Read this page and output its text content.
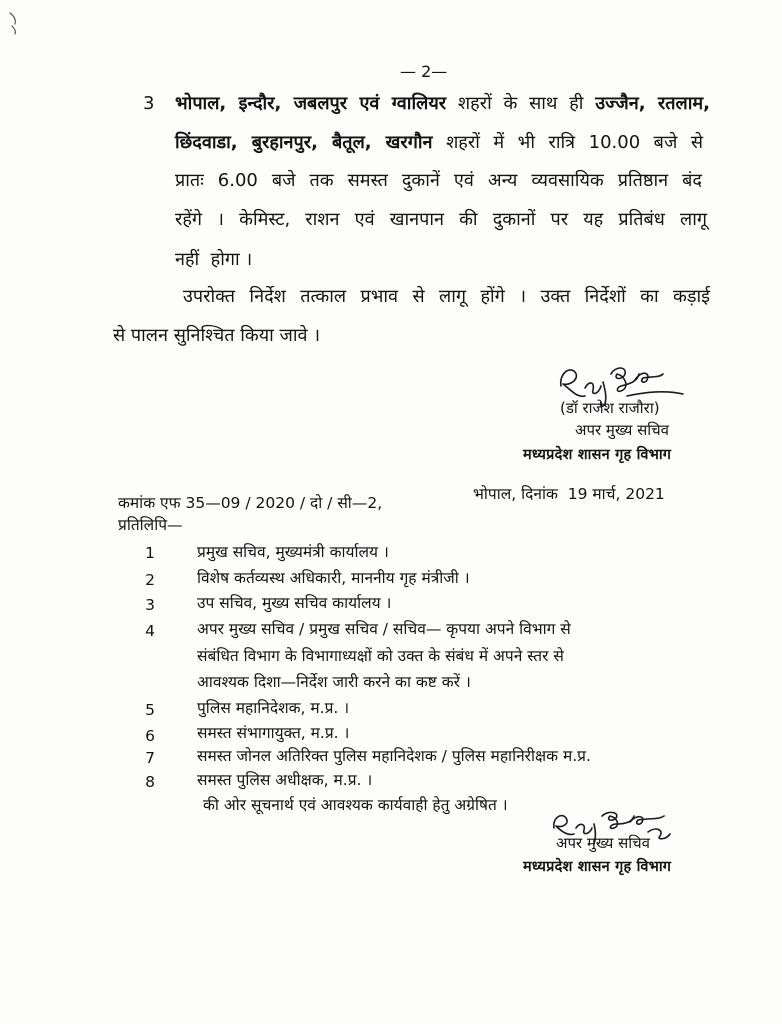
— 2—
3 भोपाल, इन्दौर, जबलपुर एवं ग्वालियर शहरों के साथ ही उज्जैन, रतलाम,
छिंदवाडा, बुरहानपुर, बैतूल, खरगौन शहरों में भी रात्रि 10.00 बजे से
प्रातः 6.00 बजे तक समस्त दुकानें एवं अन्य व्यवसायिक प्रतिष्ठान बंद
रहेंगे । केमिस्ट, राशन एवं खानपान की दुकानों पर यह प्रतिबंध लागू
नहीं  होगा ।
उपरोक्त निर्देश तत्काल प्रभाव से लागू होंगे । उक्त निर्देशों का कड़ाई
से पालन सुनिश्चित किया जावे ।
(डॉ राजेश राजौरा)
अपर मुख्य सचिव
मध्यप्रदेश शासन गृह विभाग
कमांक एफ 35—09 / 2020 / दो / सी—2,	भोपाल, दिनांक  19 मार्च, 2021
प्रतिलिपि—
1	प्रमुख सचिव, मुख्यमंत्री कार्यालय ।
2	विशेष कर्तव्यस्थ अधिकारी, माननीय गृह मंत्रीजी ।
3	उप सचिव, मुख्य सचिव कार्यालय ।
4	अपर मुख्य सचिव / प्रमुख सचिव / सचिव— कृपया अपने विभाग से
संबंधित विभाग के विभागाध्यक्षों को उक्त के संबंध में अपने स्तर से
आवश्यक दिशा—निर्देश जारी करने का कष्ट करें ।
5	पुलिस महानिदेशक, म.प्र. ।
6	समस्त संभागायुक्त, म.प्र. ।
7	समस्त जोनल अतिरिक्त पुलिस महानिदेशक / पुलिस महानिरीक्षक म.प्र.
8	समस्त पुलिस अधीक्षक, म.प्र. ।
की ओर सूचनार्थ एवं आवश्यक कार्यवाही हेतु अग्रेषित ।
अपर मुख्य सचिव
मध्यप्रदेश शासन गृह विभाग
